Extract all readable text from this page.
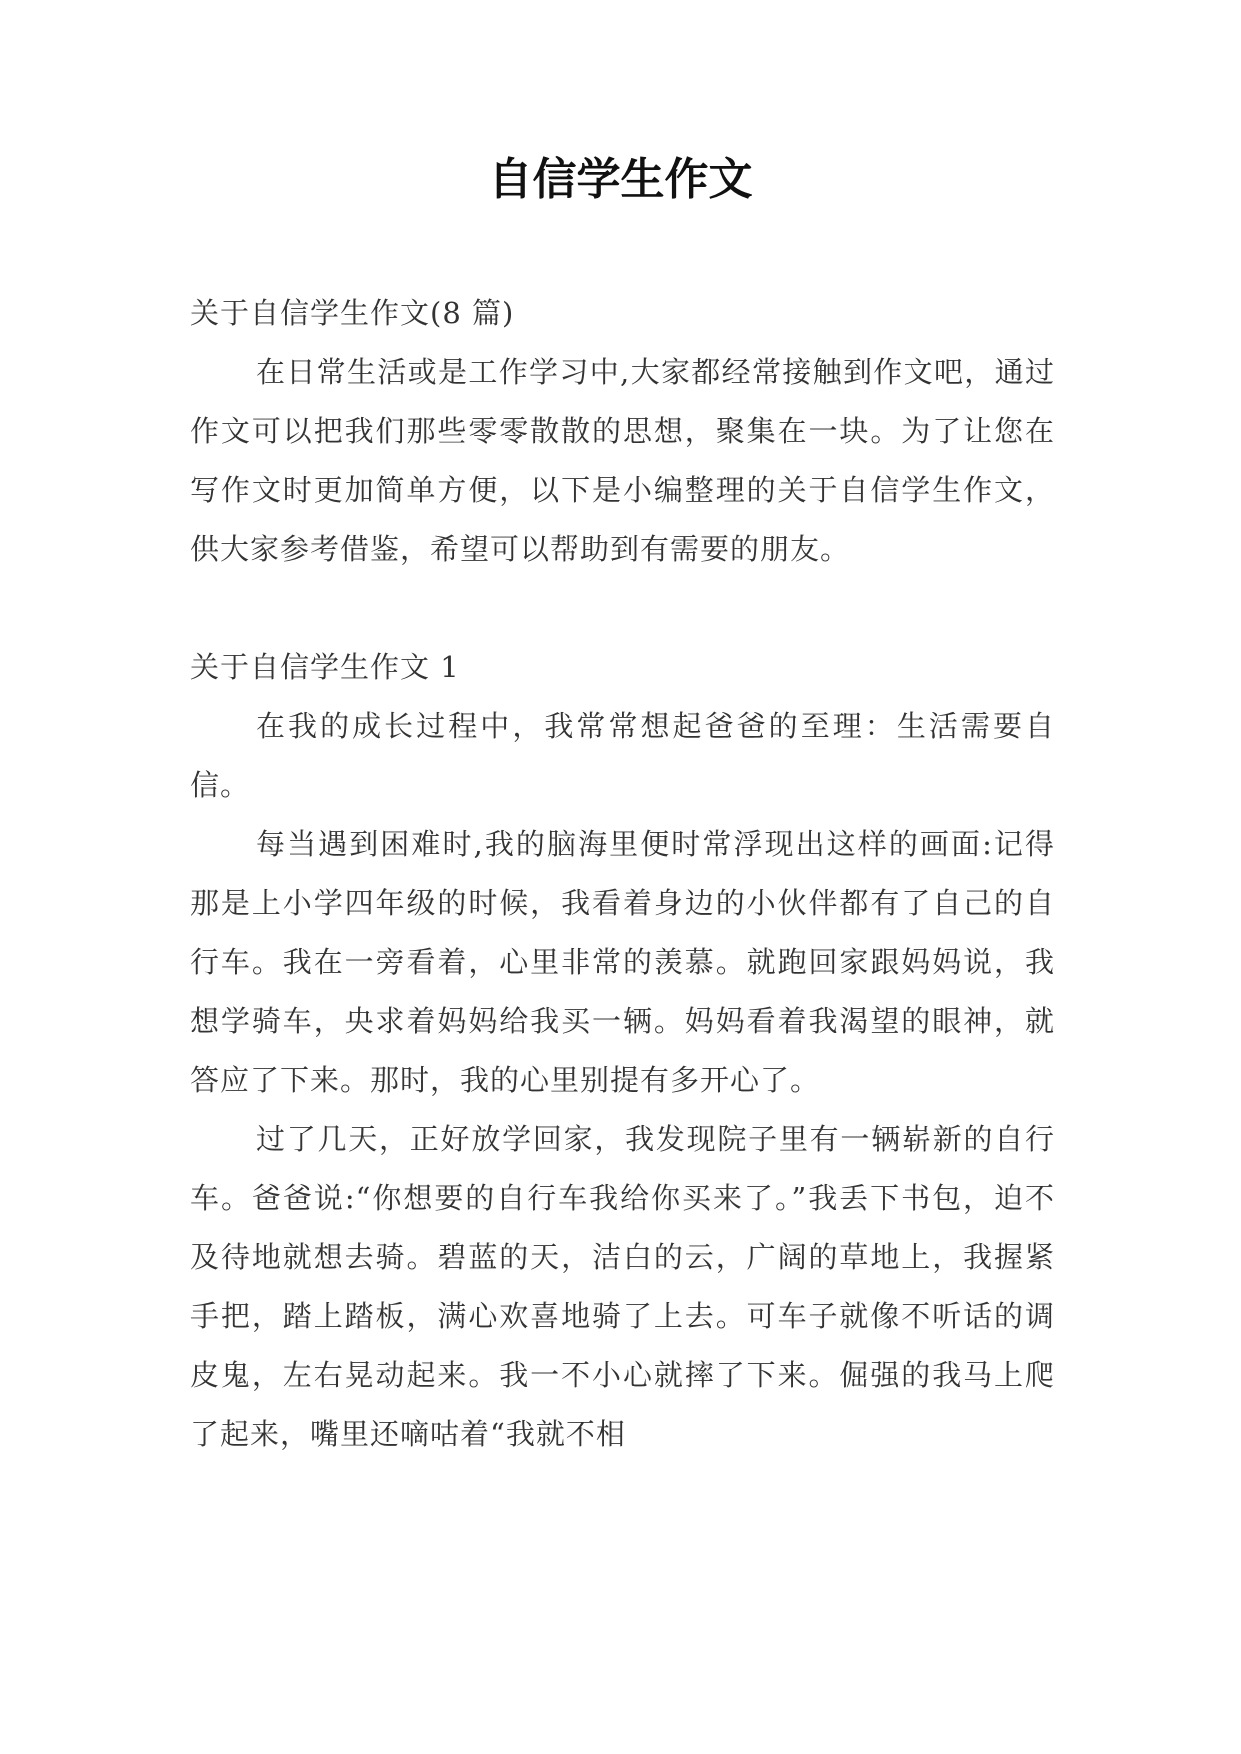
自信学生作文

关于自信学生作文(8 篇)

在日常生活或是工作学习中,大家都经常接触到作文吧，通过作文可以把我们那些零零散散的思想，聚集在一块。为了让您在写作文时更加简单方便，以下是小编整理的关于自信学生作文，供大家参考借鉴，希望可以帮助到有需要的朋友。

关于自信学生作文 1

在我的成长过程中，我常常想起爸爸的至理：生活需要自信。

每当遇到困难时,我的脑海里便时常浮现出这样的画面:记得那是上小学四年级的时候，我看着身边的小伙伴都有了自己的自行车。我在一旁看着，心里非常的羡慕。就跑回家跟妈妈说，我想学骑车，央求着妈妈给我买一辆。妈妈看着我渴望的眼神，就答应了下来。那时，我的心里别提有多开心了。

过了几天，正好放学回家，我发现院子里有一辆崭新的自行车。爸爸说:“你想要的自行车我给你买来了。”我丢下书包，迫不及待地就想去骑。碧蓝的天，洁白的云，广阔的草地上，我握紧手把，踏上踏板，满心欢喜地骑了上去。可车子就像不听话的调皮鬼，左右晃动起来。我一不小心就摔了下来。倔强的我马上爬了起来，嘴里还嘀咕着“我就不相
